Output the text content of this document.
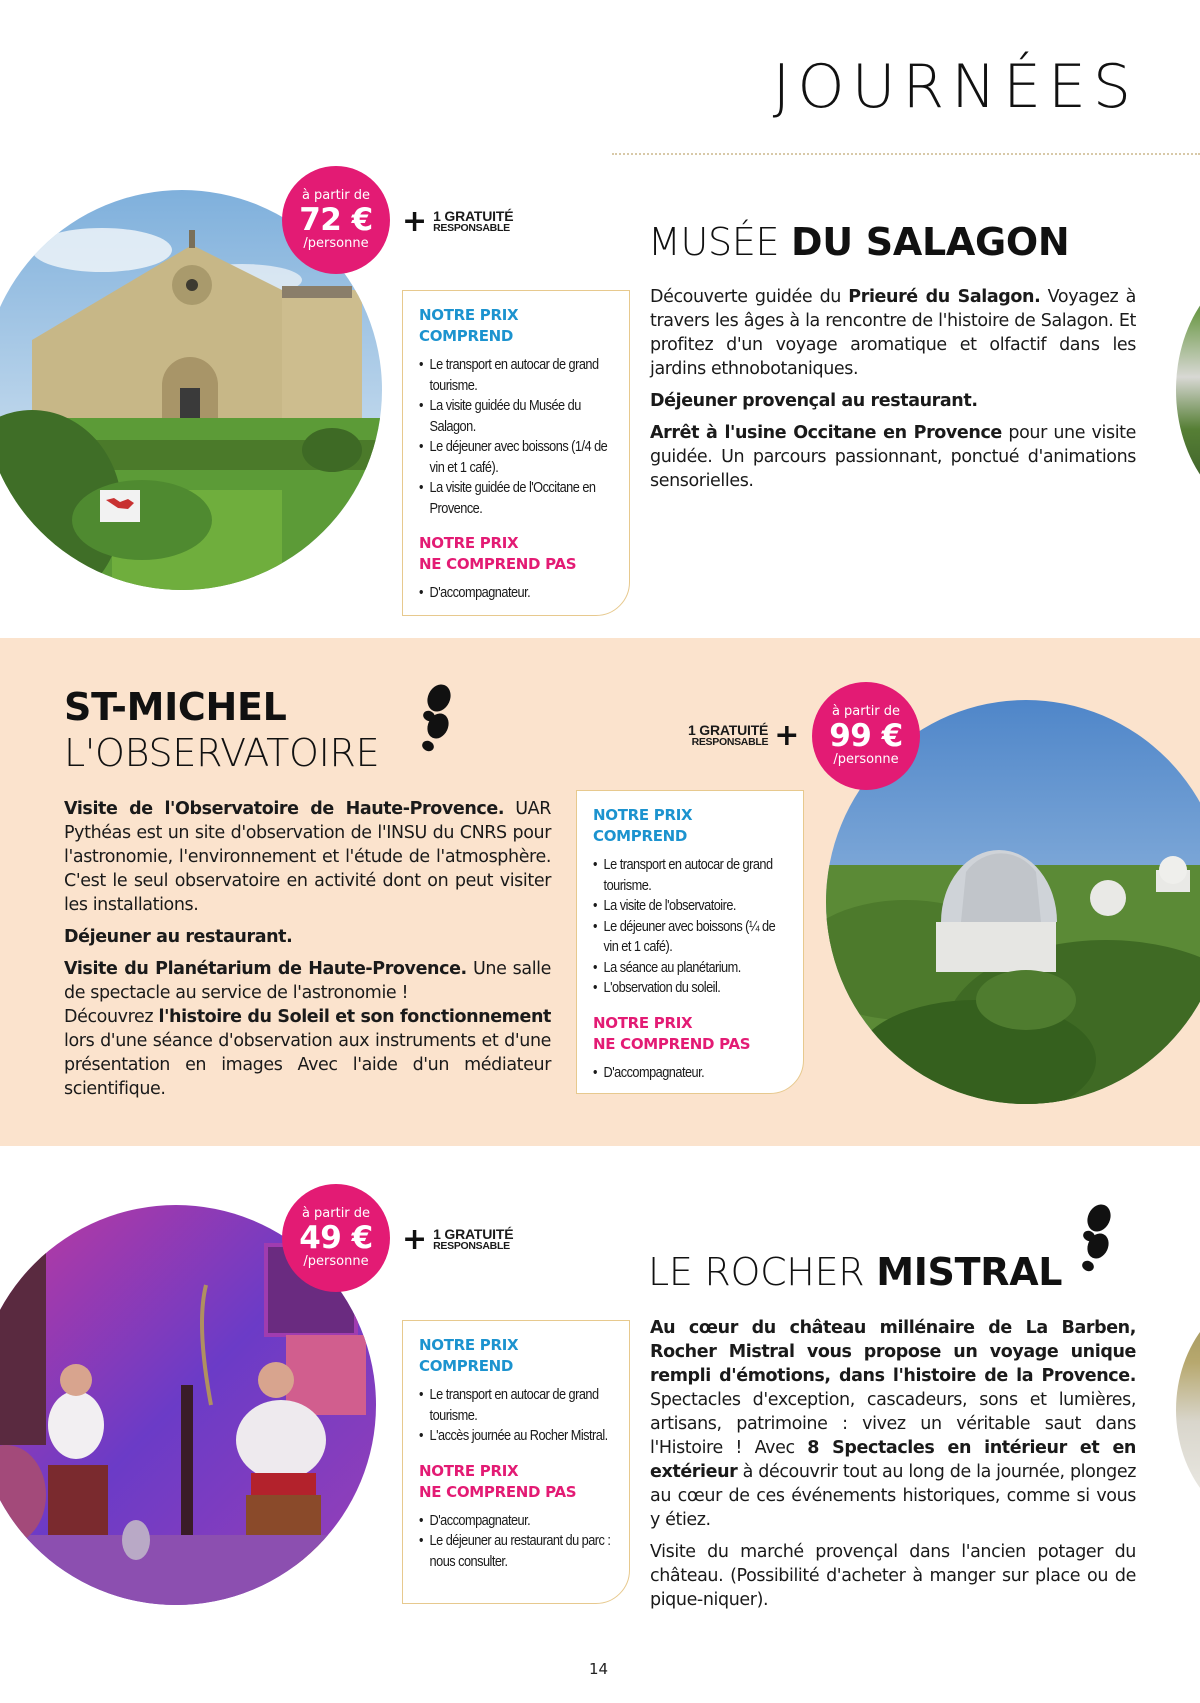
JOURNÉES
à partir de
72 €
/personne
+ 1 GRATUITÉ
RESPONSABLE
NOTRE PRIX
COMPREND
• Le transport en autocar de grand tourisme.
• La visite guidée du Musée du Salagon.
• Le déjeuner avec boissons (1/4 de vin et 1 café).
• La visite guidée de l'Occitane en Provence.
NOTRE PRIX
NE COMPREND PAS
• D'accompagnateur.
MUSÉE DU SALAGON

Découverte guidée du Prieuré du Salagon. Voyagez à travers les âges à la rencontre de l'histoire de Salagon. Et profitez d'un voyage aromatique et olfactif dans les jardins ethnobotaniques.

Déjeuner provençal au restaurant.

Arrêt à l'usine Occitane en Provence pour une visite guidée. Un parcours passionnant, ponctué d'animations sensorielles.

ST-MICHEL
L'OBSERVATOIRE

Visite de l'Observatoire de Haute-Provence. UAR Pythéas est un site d'observation de l'INSU du CNRS pour l'astronomie, l'environnement et l'étude de l'atmosphère. C'est le seul observatoire en activité dont on peut visiter les installations.

Déjeuner au restaurant.

Visite du Planétarium de Haute-Provence. Une salle de spectacle au service de l'astronomie !

Découvrez l'histoire du Soleil et son fonctionnement lors d'une séance d'observation aux instruments et d'une présentation en images Avec l'aide d'un médiateur scientifique.

NOTRE PRIX
COMPREND
• Le transport en autocar de grand tourisme.
• La visite de l'observatoire.
• Le déjeuner avec boissons (¼ de vin et 1 café).
• La séance au planétarium.
• L'observation du soleil.
NOTRE PRIX
NE COMPREND PAS
• D'accompagnateur.
1 GRATUITÉ
RESPONSABLE +
à partir de
99 €
/personne
à partir de
49 €
/personne
+ 1 GRATUITÉ
RESPONSABLE
NOTRE PRIX
COMPREND
• Le transport en autocar de grand tourisme.
• L'accès journée au Rocher Mistral.
NOTRE PRIX
NE COMPREND PAS
• D'accompagnateur.
• Le déjeuner au restaurant du parc : nous consulter.
LE ROCHER MISTRAL

Au cœur du château millénaire de La Barben, Rocher Mistral vous propose un voyage unique rempli d'émotions, dans l'histoire de la Provence. Spectacles d'exception, cascadeurs, sons et lumières, artisans, patrimoine : vivez un véritable saut dans l'Histoire ! Avec 8 Spectacles en intérieur et en extérieur à découvrir tout au long de la journée, plongez au cœur de ces événements historiques, comme si vous y étiez.

Visite du marché provençal dans l'ancien potager du château. (Possibilité d'acheter à manger sur place ou de pique-niquer).

14
